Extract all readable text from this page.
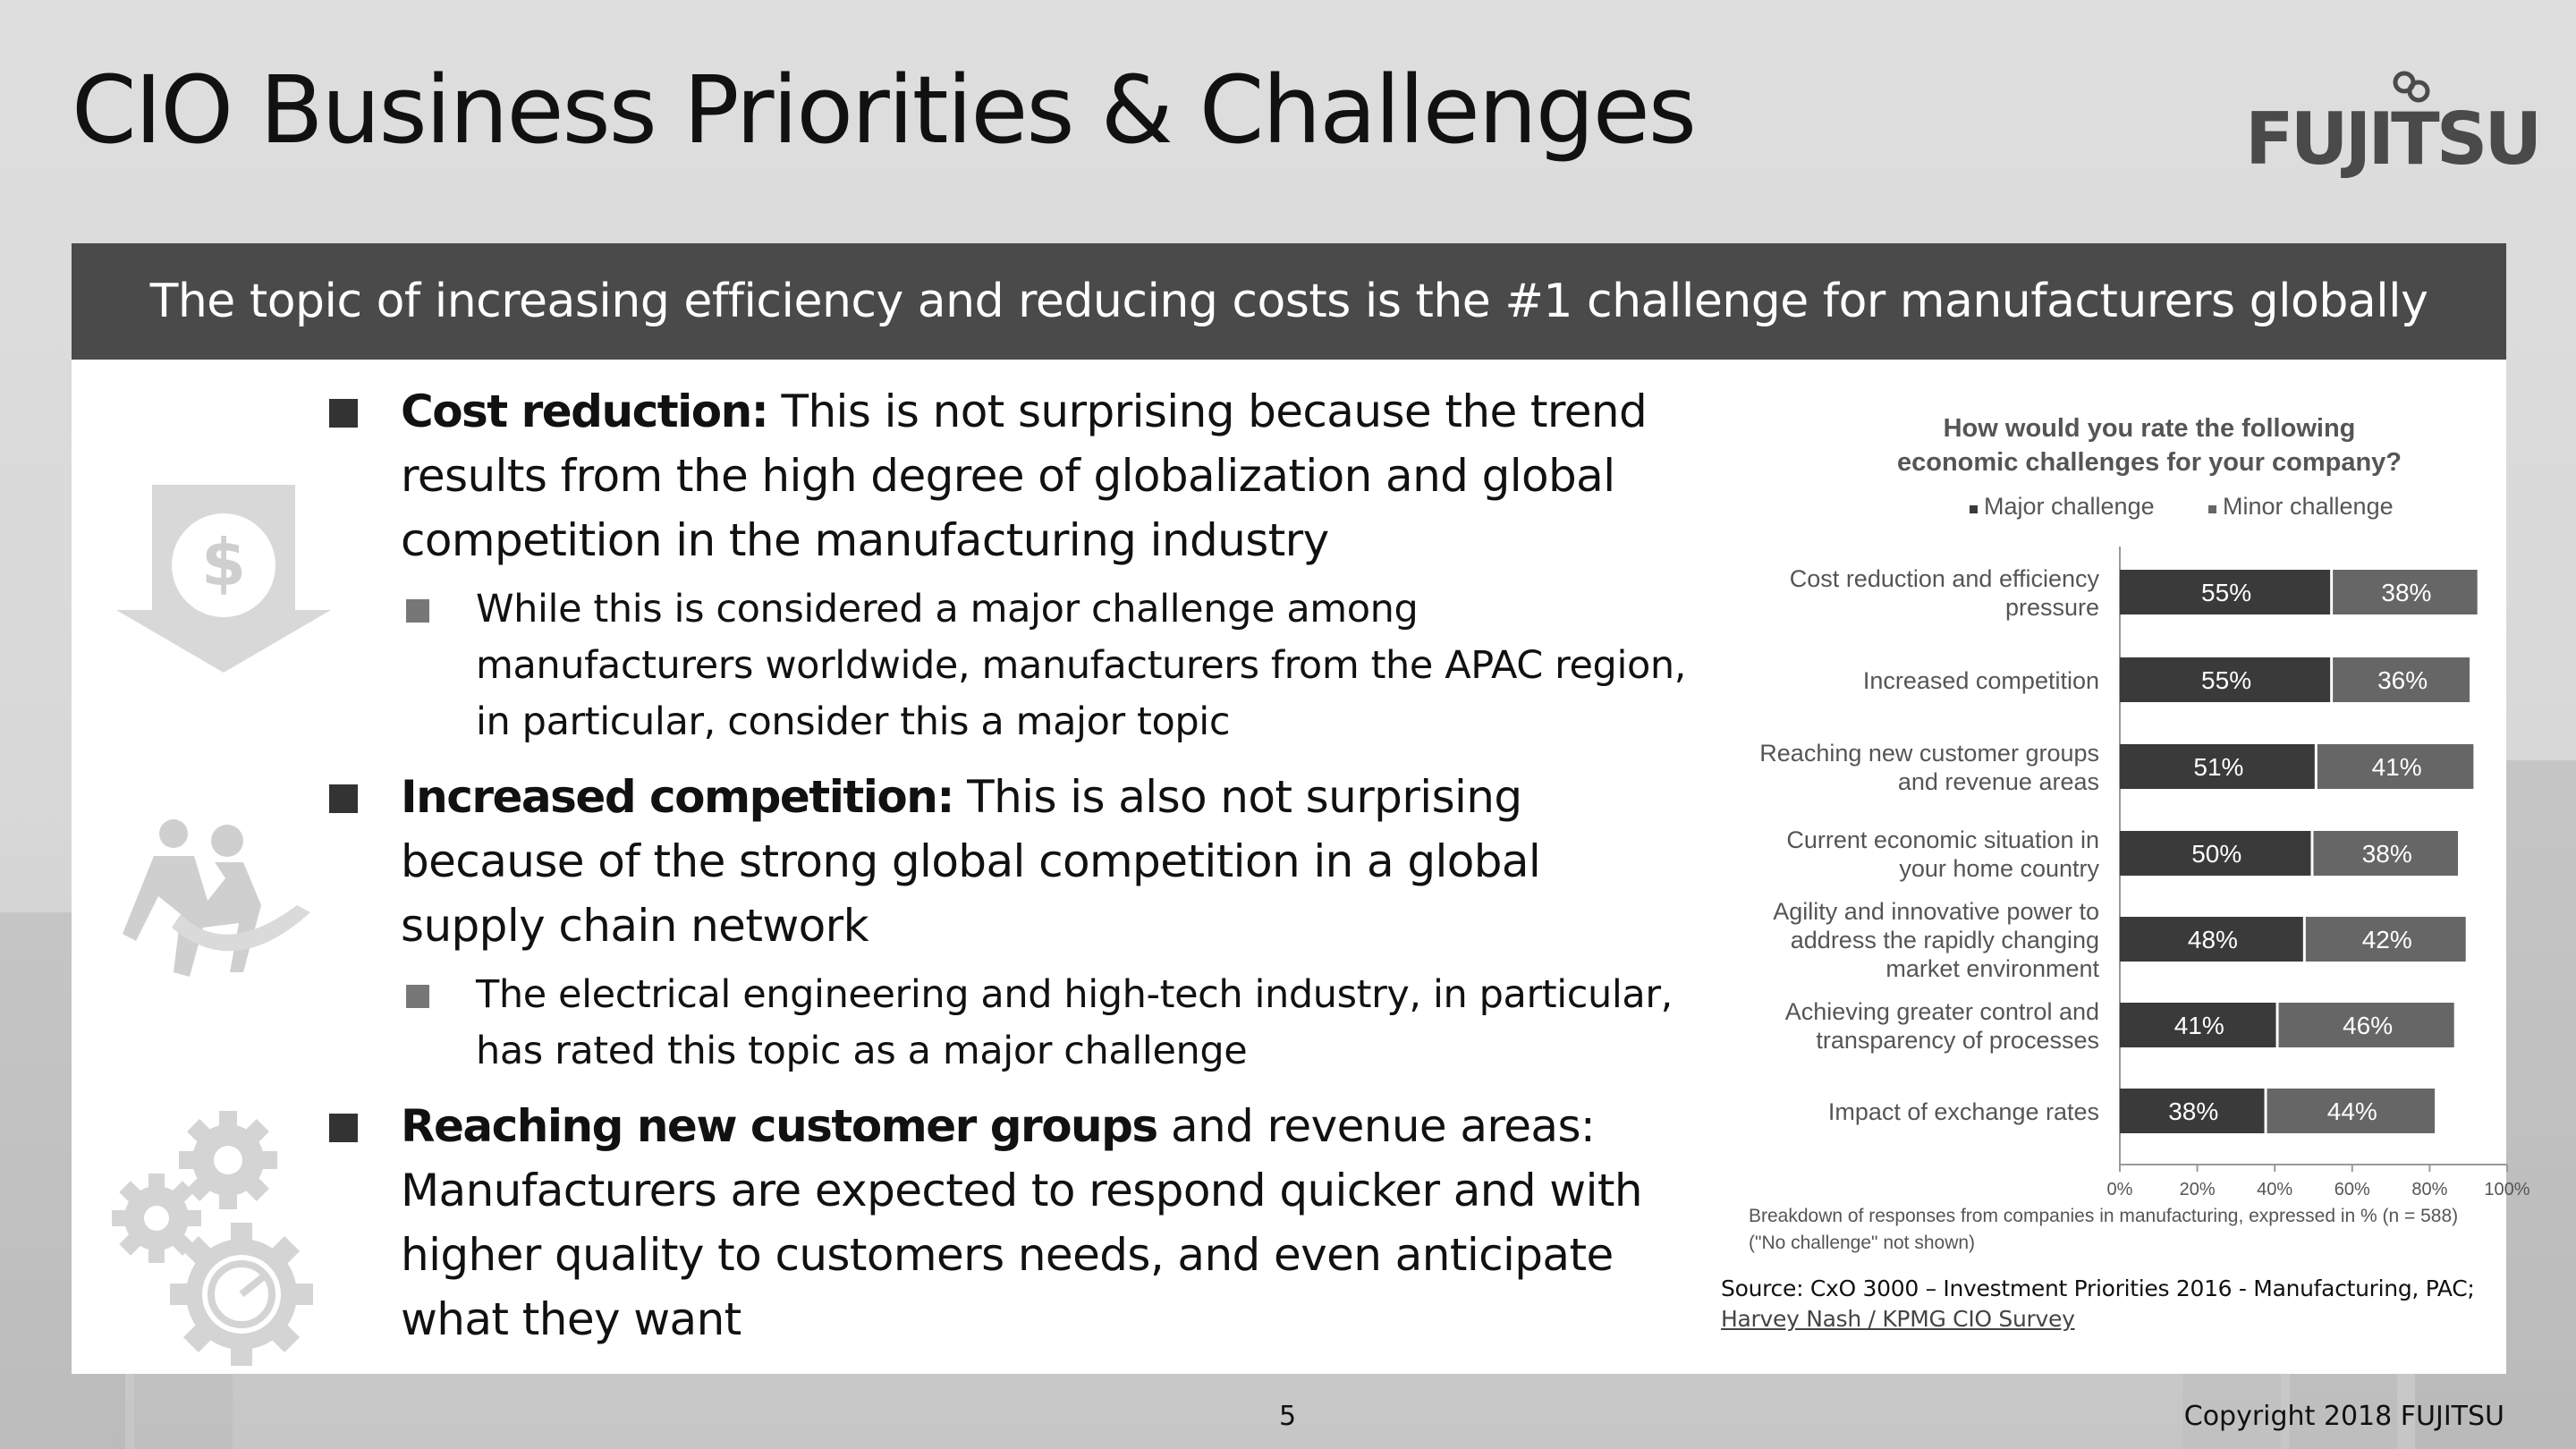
CIO Business Priorities & Challenges	FUJITSU
The topic of increasing efficiency and reducing costs is the #1 challenge for manufacturers globally
$

Cost reduction: This is not surprising because the trend results from the high degree of globalization and global competition in the manufacturing industry

While this is considered a major challenge among manufacturers worldwide, manufacturers from the APAC region, in particular, consider this a major topic

Increased competition: This is also not surprising because of the strong global competition in a global supply chain network

The electrical engineering and high-tech industry, in particular, has rated this topic as a major challenge

Reaching new customer groups and revenue areas: Manufacturers are expected to respond quicker and with higher quality to customers needs, and even anticipate what they want

How would you rate the following
economic challenges for your company?
Major challenge	Minor challenge
0%	20% 40% 60% 80% 100%
55%	38%
Cost reduction and efficiency
pressure
55%	36%
Increased competition
51%	41%
Reaching new customer groups
and revenue areas
50%	38%
Current economic situation in
your home country
48%	42%
Agility and innovative power to
address the rapidly changing
market environment
41%	46%
Achieving greater control and
transparency of processes
38%	44%
Impact of exchange rates
Breakdown of responses from companies in manufacturing, expressed in % (n = 588)
("No challenge" not shown)
Source: CxO 3000 – Investment Priorities 2016 - Manufacturing, PAC;
Harvey Nash / KPMG CIO Survey
5	Copyright 2018 FUJITSU
